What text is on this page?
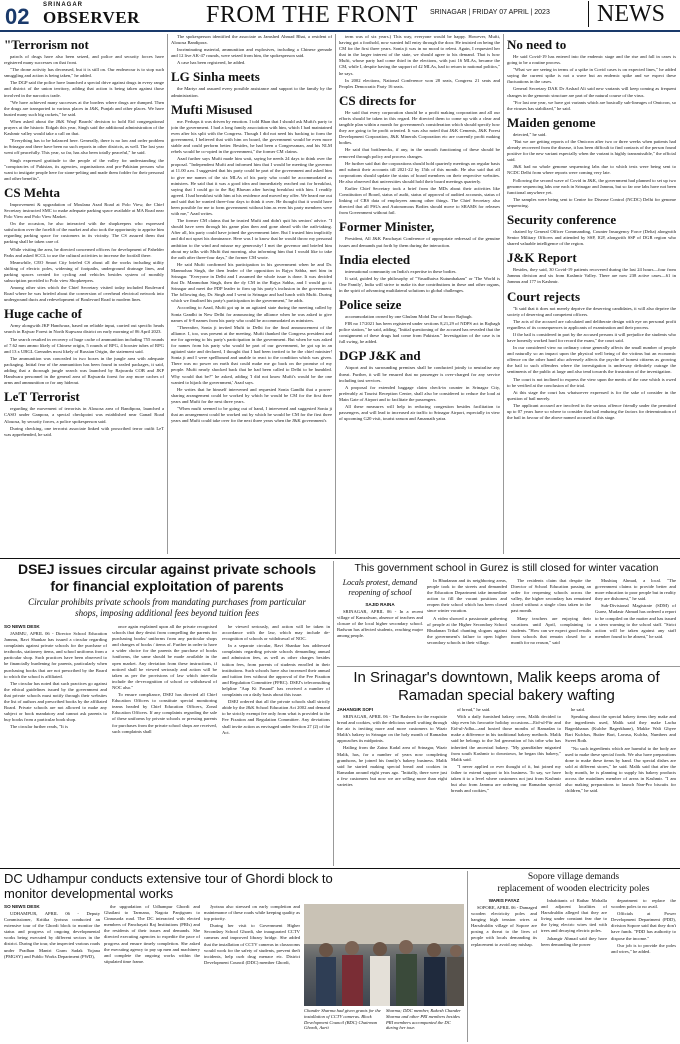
02 SRINAGAR
OBSERVER	FROM THE FRONT SRINAGAR | FRIDAY 07 APRIL | 2023	NEWS
"Terrorism not

patrols of drugs have also been seized, and police and security forces have registered many successes on that front.

"The drone activity has decreased, but it is still on. Our endeavour is to stop such smuggling and action is being taken," he added.

The DGP said the police have launched a special drive against drugs in every range and district of the union territory, adding that action is being taken against those involved in the narcotics trade.

"We have achieved many successes at the borders where drugs are dumped. Then the drugs are transported to various places in J&K, Punjab and other places. We have busted many such big rackets," he said.

When asked about the J&K Waqf Boards' decision to hold Eid congregational prayers at the historic Eidgah this year, Singh said the additional administration of the Kashmir valley would take a call on that.

"Everything has to be balanced here. Generally, there is no law and order problem in Srinagar and there have been no such reports in other districts, as well. The last year went off peacefully. This year, so far, has also been totally peaceful," he said.

Singh expressed gratitude to the people of the valley for understanding the "conspiracies of Pakistan, its agencies, organisations and pro-Pakistan persons who want to instigate people here for stone-pelting and made them fodder for their personal and other benefits".

CS Mehta

Improvement & upgradation of Moulana Azad Road at Polo View, the Chief Secretary instructed SMC to make adequate parking space available at MA Road near Polo View and Polo View Market.

On the occasion, he also interacted with the shopkeepers who expressed satisfaction over the facelift of the market and also took the opportunity to apprise him regarding parking space for customers in its vicinity. The CS assured them that parking shall be taken care of.

While visiting the area, he directed concerned officers for development of Pahelder Parks and asked SCCL to use the cultural activities to increase the footfall there.

Meanwhile, CEO Smart City briefed CS about all the works including utility shifting of electric poles, widening of footpaths, underground drainage lines, and parking spaces created for cycling and vehicles besides system of monthly subscription provided to Polo view Shopkeepers.

Among other sites which the Chief Secretary visited today included Boulevard Road where he was briefed about the conversion of overhead electrical network into underground ducts and redevelopment of Boulevard Road to modern lines.

Huge cache of

Army alongwith JKP Handwara, based on reliable input, carried out specific heads search in Rajwar Forest in North Kupwara district on early morning of 06 April 2023.

The search resulted in recovery of huge cache of ammunition including 755 rounds of 7.62 mm ammo likely of Chinese origin, 5 rounds of RPG, 4 booster tubes of RPG and 13 x UBGL Grenades most likely of Russian Origin, the statement said.

The ammunition was concealed in two boxes in the jungle area with adequate packaging. Initial fear of the ammunition has been found in sealed packages, it said, adding that a thorough jungle search was launched by Rajwarda COB and JKP Handwara personnel in the general area of Rajwarda forest for any more caches of arms and ammunition or for any hideout.

LeT Terrorist

regarding the movement of terrorists in Alouosa area of Bandipora, launched a CASO under Ganpora, a special checkpoint was established near Ganad Road Alouosa, by security forces, a police spokesperson said.

During checking, one terrorist associate linked with proscribed terror outfit LeT was apprehended, he said.

The spokesperson identified the associate as Jamshed Ahmad Bhat, a resident of Alouosa Bandipora.

Incriminating material, ammunition and explosives, including a Chinese grenade and 12 live AK-47 rounds, were seized from him, the spokesperson said.

A case has been registered, he added.

LG Sinha meets

the Martyr and assured every possible assistance and support to the family by the administration.

Mufti Misused

me. Perhaps it was driven by emotion. I told Bhan that I should ask Mufti's party to join the government. I had a long family association with him, which I had maintained even after his split with the Congress. Though I did not need his backing to form the government, I believed that with him on board, the government would be even more stable and could perform better. Besides, he had been a Congressman, and his NLM rebels would be co-opted in the government," the former CM claims.

Azad further says Mufti made him wait, saying he needs 24 days to think over the proposal. "Independent Mufti and informed him that I would be meeting the governor at 11.00 a.m. I suggested that his party could be part of the government and asked him to give me names of the six MLAs of his party who could be accommodated as ministers. He said that it was a good idea and immediately reached out for breakfast, saying that I could go to the Raj Bhavan after having breakfast with him. I readily agreed. I had breakfast with him at his residence and moved my offer. We heard me out and said that he wanted three-four days to think it over. He thought that it would have been possible for me to form government without him as even his party members were with me," Azad writes.

The former CM claims that he trusted Mufti and didn't quit his seniors' advice. "I should have seen through his game plan then and gone ahead with the oath-taking. After all, his party could have joined the government later. But I trusted him implicitly and did not upset his dominance. Here was I to know that he would throw my personal ambition to the wind and misuse my generosity! I met the governor and briefed him about my talks with Mufti that morning, also informing him that I would like to take the oath after three-four days," the former CM wrote.

He said Mufti confirmed his participation in his government when he and Dr. Manmohan Singh, the then leader of the opposition in Rajya Sabha, met him in Srinagar. "Everyone in Delhi and I assumed the whole issue is done. It was decided that Dr. Manmohan Singh, then the dy CM in the Rajya Sabha, and I would go to Srinagar and meet the PDP leader to firm up his party's inclusion in the government. The following day, Dr. Singh and I went to Srinagar and had lunch with Mufti. During which we finalised his party's participation in the government," he adds.

According to Azad, Mufti got up in an agitated state during the meeting called by Sonia Gandhi in New Delhi for announcing the alliance when he was asked to give names of 6-8 names from his party who could be accommodated as ministers.

"Thereafter, Sonia ji invited Mufti to Delhi for the final announcement of the alliance. I, too, was present at the meeting. Mufti thanked the Congress president and me for agreeing to his party's participation in the government. But when he was asked for names from his party who would be part of our government, he got up in an agitated state and declared, I thought that I had been invited to be the chief minister! Sonia ji and I were spellbound and unable to react to the condition which was given. There was no power on earth that could make me go back on the promise of my people. Mufti nearly shocked back that he had been called to Delhi to be humbled. Why would that be?" he asked, adding 'I did not know Mufti's would be the one wanted to hijack the government,' Azad says.

He writes that he himself intervened and requested Sonia Gandhi that a power-sharing arrangement could be worked by which he would be CM for the first three years and Mufti for the next three years.

"When mufti seemed to be going out of hand, I intervened and suggested Sonia ji that an arrangement could be worked out by which he would be CM for the first three years and Mufti could take over for the next three years when the J&K government's

term was of six years.) This way, everyone would be happy. However, Mufti, having got a foothold, now wanted full entry through the door. He insisted on being the CM for the first three years. Sonia ji was in no mood to relent. Again, I requested her that in the larger interest of the state, we should agree to his demand. That is how Mufti, whose party had come third in the elections, with just 16 MLAs, became the CM, while I, despite having the support of 42 MLAs, had to return to national politics," he says.

In 2002 elections, National Conference won 28 seats, Congress 21 seats and Peoples Democratic Party 16 seats.

CS directs for

He said that every corporation should be a profit making corporation and all our efforts should be taken in this regard. He directed them to come up with a clear and tangible plan within a month for government's consideration which should specify how they are going to be profit oriented. It was also noted that J&K Cements, J&K Forest Development Corporation, J&K Minerals Corporation etc are currently profit making bodies.

He said that bottlenecks, if any, in the smooth functioning of these should be removed through policy and process changes.

He further said that the corporations should hold quarterly meetings on regular basis and submit their accounts till 2021-22 by 15th of this month. He also said that all corporations should update the status of board members on their respective websites. He also observed that universities should hold their board meetings quarterly.

Earlier Chief Secretary took a brief from the MDs about their activities like Constitution of Board, status of audit, status of approval of audited accounts, status of linking of CRS data of employees among other things. The Chief Secretary also directed that all PSUs and Autonomous Bodies should move to SRAMS for releases from Government without fail.

Former Minister,

President, All J&K Panchayat Conference of appropriate redressal of the genuine issues and demands put forth by them during the interaction.

India elected

international community on India's expertise in these bodies.

It said, guided by the philosophy of "Vasudhaiva Kutumbakam" or 'The World is One Family', India will strive to make its due contributions in these and other organs, in the spirit of advancing multilateral solutions to global challenges.

Police seize

accommodation owned by one Ghulam Mohd Dar of Inroor Rajbagh.

FIR no 17/2021 has been registered under sections 8,21,29 of NDPS act in Rajbagh police station," he said, adding, "Initial questioning of the accused has revealed that the consignment of these drugs had come from Pakistan." Investigation of the case is in full swing, he added.

DGP J&K and

Airport and its surrounding premises shall be conducted jointly to neutralise any threat. Further, it will be ensured that no passenger is over-charged for any service including taxi services.

A proposal for extended baggage claim check-in counter in Srinagar City, preferably at Tourist Reception Centre, shall also be considered to reduce the load at Main Gate of Airport and to facilitate the passengers.

All these measures will help in reducing congestion besides facilitation to passengers, and will lead to increased air traffic to Srinagar Airport, especially in view of upcoming G20 visit, tourist season and Amarnath yatra.

No need to

He said Covid-19 has entered into the endemic stage and the rise and fall in cases is going to be a routine process.

"What we are seeing in terms of a spike in Covid cases is on expected lines," he added saying the current spike is not a wave but an endemic spike and we expect these fluctuations in the cases.

General Secretary DAK Dr Arshad Ali said new variants will keep coming as frequent changes in the genomic structure are part of the natural course of the virus.

"For last one year, we have got variants which are basically sub-lineages of Omicron, so the viruses has stabilized," he said.

Maiden genome

detected," he said.

"But we are getting reports of the Omicron after two or three weeks when patients had already recovered from the disease, it has been difficult to find contacts of the person found positive for the new variant especially when the variant is highly transmissible," the official said.

J&K had no whole genome sequencing labs due to which tests were being sent to NCDC Delhi from where reports were coming very late.

Following the second wave of Covid in J&K, the government had planned to set up two genome sequencing labs one each in Srinagar and Jammu, but so far one labs have not been functional anywhere yet.

The samples were being sent to Centre for Disease Control (NCDC) Delhi for genome sequencing.

Security conference

chaired by General Officer Commanding, Counter Insurgency Force (Delta) alongwith Senior Military Officers and attended by SSP, IGP, alongwith SSP of DGR region who shared valuable intelligence of the region.

J&K Report

Besides, they said, 30 Covid-19 patients recovered during the last 24 hours—four from Jammu division and six from Kashmir Valley. There are now 238 active cases—61 in Jammu and 177 in Kashmir.

Court rejects

"It said that it does not merely deprive the deserving candidates, it will also deprive the society of deserving and competent officers.

The acts of the accused are calculated and deliberate design with eye on personal profit regardless of its consequences to applicants of examination and their process.

If the bail is considered in part by the accused persons it will prejudice the students who have honestly worked hard for record the exam," the court said.

In our considered view no ordinary crime generally affects the small number of people and naturally so an impact upon the physical well being of the victims but an economic offence on the other hand also adversely affects the psyche of honest citizens as growing the bail to such offenders where the investigation is underway definitely outrage the sentiments of the public at large and also tend towards the frustration of the investigation.

The court is not inclined to express the view upon the merits of the case which is owed to be verified at the conclusion of the trial.

At this stage the court has whatsoever expressed is for the sake of consider in the question of bail merely.

The applicant accused are involved in the serious offence friendly under the permitted up to 07 years have so where to consider that bail enduring the factors for determination of the bail in favour of the above named accused at this stage.

DSEJ issues circular against private schools
for financial exploitation of parents
Circular prohibits private schools from mandating purchases from particular
shops, imposing additional fees beyond tuition fees
SO NEWS DESK

JAMMU, APRIL 06 - Director School Education Jammu, Ravi Shankar has issued a circular regarding complaints against private schools for the purchase of textbooks, stationery items, and school uniforms from a particular shop. Such practices have been observed to be financially burdening for parents, particularly when purchasing books that are not prescribed by the Board to which the school is affiliated.

The circular has noted that such practices go against the ethical guidelines issued by the government and that private schools must notify through their websites the list of authors and prescribed books by the affiliated Board. Private schools are not allowed to make any subject or book mandatory and cannot ask parents to buy books from a particular book shop.

The circular further reads, "It is

once again explained upon all the private recognised schools that they desist from compelling the parents for purchasing books/ uniforms from any particular shops and changes of books / items of. Further in order to have a wider choice for the parents the purchase of books /uniforms, the same should be made available in the open market. Any deviation from these instructions, if noticed shall be viewed seriously and action will be taken as per the provisions of law which inter-alia include the de-recognition of school or withdrawal of NOC also."

To ensure compliance, DSEJ has directed all Chief Education Officers to constitute special monitoring teams headed by Chief Education Officers, Zonal Education Officers. If any complaints regarding the sale of these uniforms by private schools or pressing parents for purchases from the private school shops are received, such complaints shall

be viewed seriously, and action will be taken in accordance with the law, which may include de-recognition of schools or withdrawal of NOC.

In a separate circular, Ravi Shankar has addressed complaints regarding private schools demanding annual and admission fees, as well as other charges besides tuition fees, from parents of students enrolled in their institutions. Such schools have also increased their annual and tuition fees without the approval of the Fee Fixation and Regulation Committee (FFRC). DSEJ's teleconsulting helpline "Aap Ki Pasand" has received a number of complaints on a daily basis about this issue.

DSEJ ordered that all the private schools shall strictly abide by the J&K School Education Act 2002 and demand to be strictly exempt fee only from what is provided to the Fee Fixation and Regulation Committee. Any deviations shall invite action as envisaged under Section 27 (2) of the Act.

This government school in Gurez is still closed for winter vacation
Locals protest, demand
reopening of school
SAJID RAINA

SRINAGAR, APRIL 06 - In a recent village of Kanzalwan, absence of teachers and closure of the local higher secondary school. Badwan has affected students, reaching major among people.

In Bhudanan and its neighboring areas, people took to the streets and demanded the Education Department take immediate action to fill the vacant positions and reopen their school which has been closed since winter vacation.

A video showed a passionate gathering of people at the Higher Secondary School Bhudanan Trikal chanting slogans against the government's failure to open higher secondary schools in their village.

The residents claim that despite the Director of School Education passing an order for reopening schools across the valley, the higher secondary has remained closed without a single class taken in the past month.

Many teachers are enjoying their vacations until April, complaining to students. "How can we expect good results from schools that remain closed for a month for no reason," said

Mushtaq Ahmad, a local. "The government claims to provide better and more education to poor people but in reality they are dishonest," he said.

Sub-Divisional Magistrate (SDM) of Gurez, Mudasir Ahmad has ordered a report to be compiled on the matter and has issued a stern warning to the school staff. "Strict action will be taken against any staff member found to be absent," he said.

In Srinagar's downtown, Malik keeps aroma of
Ramadan special bakery wafting
JAHANGIR SOFI

SRINAGAR, APRIL 06 - The Bashees for the exquisite bread and cookies, with the delicious smell wafting through the air is inviting more and more customers to Wazir Malik's bakery in Srinagar on the holy month of Ramadan approaches its midpoints.

Hailing from the Zaina Kadal area of Srinagar, Wazir Malik, has, for a number of years now completing grandsons, he joined his family's bakery business. Malik said he started making special bread and cookies in Ramadan around eight years ago. "Initially, there were just a few customers but now we are selling more than eight varieties

of bread," he said.

With a daily furnished bakery oven, Malik decided to ship even his favourite holiday occasions—Eid-ul-Fitr and Eid-ul-Adha—and hosted those months of Ramadan to make a difference in his traditional bakery methods. Malik said he belongs to the 3rd generation of his tribe who has inherited the ancestral bakery. "My grandfather migrated from south Kashmir to downtown, he began this bakery," Malik said.

"I never applied or ever thought of it, but joined my father to extend support to his business. To say, we have taken it to a level where customers not just from Kashmir but also from Jammu are ordering our Ramadan special breads and cookies,"

he said.

Speaking about the special bakery items they make and the ingredients used, Malik said they make Lacha Bagerkhanas (Kulche Bagerkhane), Makke Wali Ghyee Bari Kulchas, Butter Bari, Lavasa, Kulcha, Numbers and Sweet Roth.

"No such ingredients which are harmful to the body are used to make these special foods. We also have preparations done to make these items by hand. Our special dishes are sold at different stores," he said. Malik said that after the holy month, he is planning to supply his bakery products across the mainlines member of areas in Kashmir. "I am also making preparations to launch Nan-Pro biscuits for children," he said.

DC Udhampur conducts extensive tour of Ghordi block to
monitor developmental works
SO NEWS DESK

UDHAMPUR, APRIL 06 - Deputy Commissioner, Kritika Jyotsna conducted an extensive tour of the Ghordi block to monitor the status and progress of ongoing developmental works being executed by different sectors in the district. During the tour, she inspected various roads under Pradhan Mantri Gram Sadak Yojana (PMGSY) and Public Works Department (PWD),

the upgradation of Udhampur Ghordi and Ghailani to Tarmana, Nagota Panjigram to Cinnasoda road. The DC interacted with elected members of Panchayati Raj Institutions (PRIs) and the residents of their issues and demands. She directed executing agencies to expedite the pace of progress and ensure timely completion. She asked the executing agency to pay up men and machinery and complete the ongoing works within the stipulated time frame.

Jyotsna also stressed on early completion and maintenance of these roads while keeping quality as top priority.

During her visit to Government Higher Secondary School Ghordi, she inaugurated CCTV cameras and improved library bridge. She added that the installation of CCTV cameras in classrooms would work for the safety of students, prevent theft incidents, help curb drug menace etc. District Development Council (DDC) member Ghordi,

Chander Sharma had given grants for the installation of CCTV cameras. Block Development Council (BDC) Chairman Ghordi, Aarti
Sharma; DDC member, Rakesh Chander Sharma and other PRI members besides PRI members accompanied the DC during her tour.
Sopore village demands
replacement of wooden electricity poles
WARIS FAYAZ

SOPORE, APRIL 06 - Damaged wooden electricity poles and hanging high tension wires at Harsdruldin village of Sopore are posing a threat to the lives of people with locals demanding its replacement to avoid any mishap.

Inhabitants of Rathar Mohalla and adjacent localities of Harsdruldin alleged that they are living under constant fear due to the lying electric wires tied with trees and decaying electric poles.

Jahangir Ahmad said they have been demanding the power

department to replace the wooden poles to no avail.

Officials at Power Development Department (PDD), division Sopore said that they don't have funds. "PDD has authority to dispose the income."

Our job is to provide the poles and wires," he added.
